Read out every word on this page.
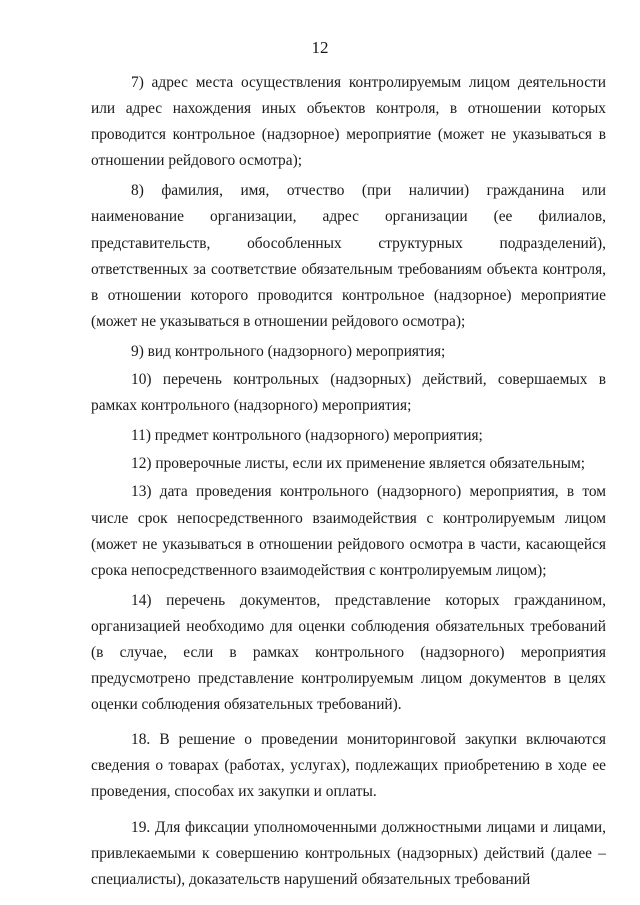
12

7) адрес места осуществления контролируемым лицом деятельности или адрес нахождения иных объектов контроля, в отношении которых проводится контрольное (надзорное) мероприятие (может не указываться в отношении рейдового осмотра);

8) фамилия, имя, отчество (при наличии) гражданина или наименование организации, адрес организации (ее филиалов, представительств, обособленных структурных подразделений), ответственных за соответствие обязательным требованиям объекта контроля, в отношении которого проводится контрольное (надзорное) мероприятие (может не указываться в отношении рейдового осмотра);

9) вид контрольного (надзорного) мероприятия;

10) перечень контрольных (надзорных) действий, совершаемых в рамках контрольного (надзорного) мероприятия;

11) предмет контрольного (надзорного) мероприятия;

12) проверочные листы, если их применение является обязательным;

13) дата проведения контрольного (надзорного) мероприятия, в том числе срок непосредственного взаимодействия с контролируемым лицом (может не указываться в отношении рейдового осмотра в части, касающейся срока непосредственного взаимодействия с контролируемым лицом);

14) перечень документов, представление которых гражданином, организацией необходимо для оценки соблюдения обязательных требований (в случае, если в рамках контрольного (надзорного) мероприятия предусмотрено представление контролируемым лицом документов в целях оценки соблюдения обязательных требований).

18. В решение о проведении мониторинговой закупки включаются сведения о товарах (работах, услугах), подлежащих приобретению в ходе ее проведения, способах их закупки и оплаты.

19. Для фиксации уполномоченными должностными лицами и лицами, привлекаемыми к совершению контрольных (надзорных) действий (далее – специалисты), доказательств нарушений обязательных требований
